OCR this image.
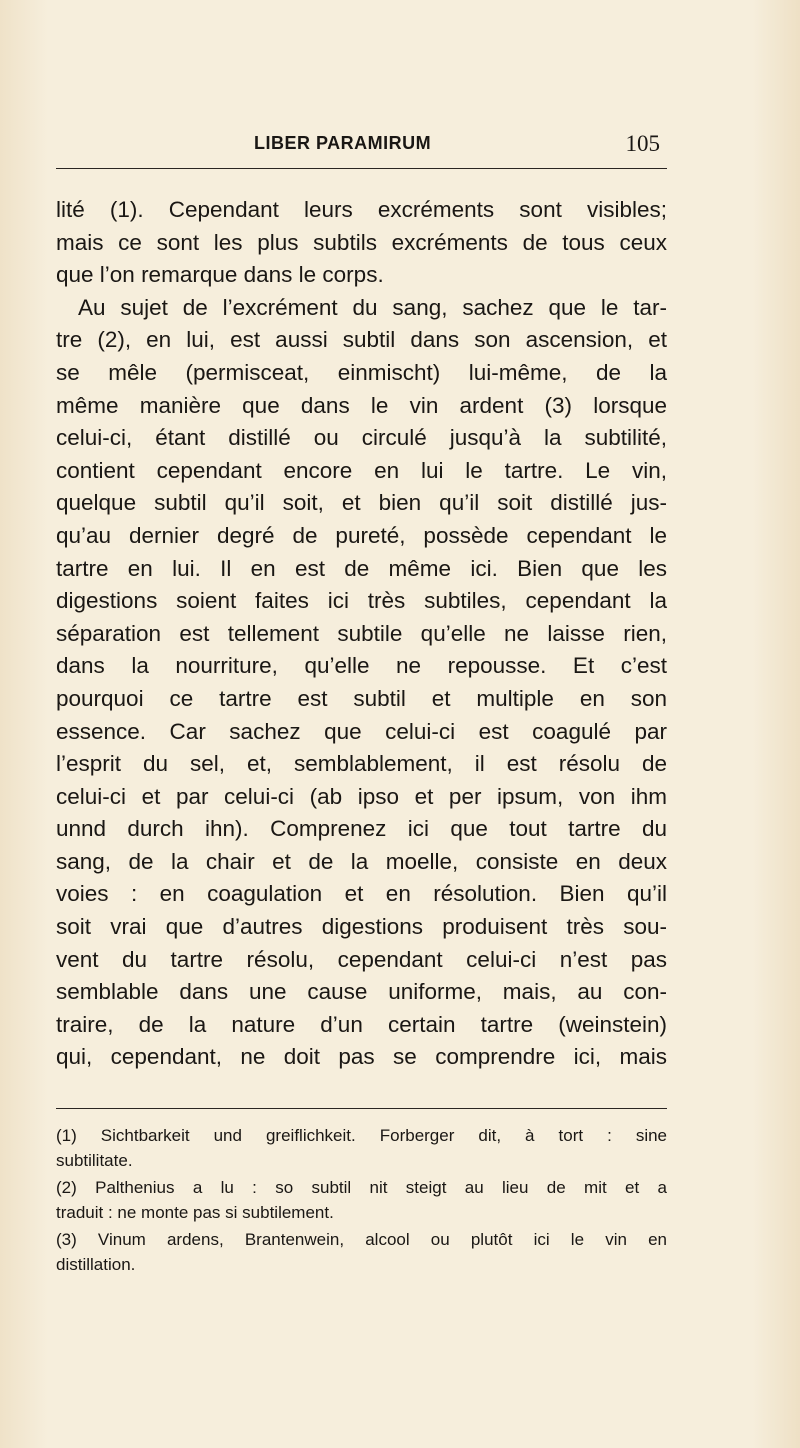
LIBER PARAMIRUM	105
lité (1). Cependant leurs excréments sont visibles;
mais ce sont les plus subtils excréments de tous ceux
que l’on remarque dans le corps.
Au sujet de l’excrément du sang, sachez que le tar-
tre (2), en lui, est aussi subtil dans son ascension, et
se mêle (permisceat, einmischt) lui-même, de la
même manière que dans le vin ardent (3) lorsque
celui-ci, étant distillé ou circulé jusqu’à la subtilité,
contient cependant encore en lui le tartre. Le vin,
quelque subtil qu’il soit, et bien qu’il soit distillé jus-
qu’au dernier degré de pureté, possède cependant le
tartre en lui. Il en est de même ici. Bien que les
digestions soient faites ici très subtiles, cependant la
séparation est tellement subtile qu’elle ne laisse rien,
dans la nourriture, qu’elle ne repousse. Et c’est
pourquoi ce tartre est subtil et multiple en son
essence. Car sachez que celui-ci est coagulé par
l’esprit du sel, et, semblablement, il est résolu de
celui-ci et par celui-ci (ab ipso et per ipsum, von ihm
unnd durch ihn). Comprenez ici que tout tartre du
sang, de la chair et de la moelle, consiste en deux
voies : en coagulation et en résolution. Bien qu’il
soit vrai que d’autres digestions produisent très sou-
vent du tartre résolu, cependant celui-ci n’est pas
semblable dans une cause uniforme, mais, au con-
traire, de la nature d’un certain tartre (weinstein)
qui, cependant, ne doit pas se comprendre ici, mais
(1) Sichtbarkeit und greiflichkeit. Forberger dit, à tort : sine
subtilitate.
(2) Palthenius a lu : so subtil nit steigt au lieu de mit et a
traduit : ne monte pas si subtilement.
(3) Vinum ardens, Brantenwein, alcool ou plutôt ici le vin en
distillation.
